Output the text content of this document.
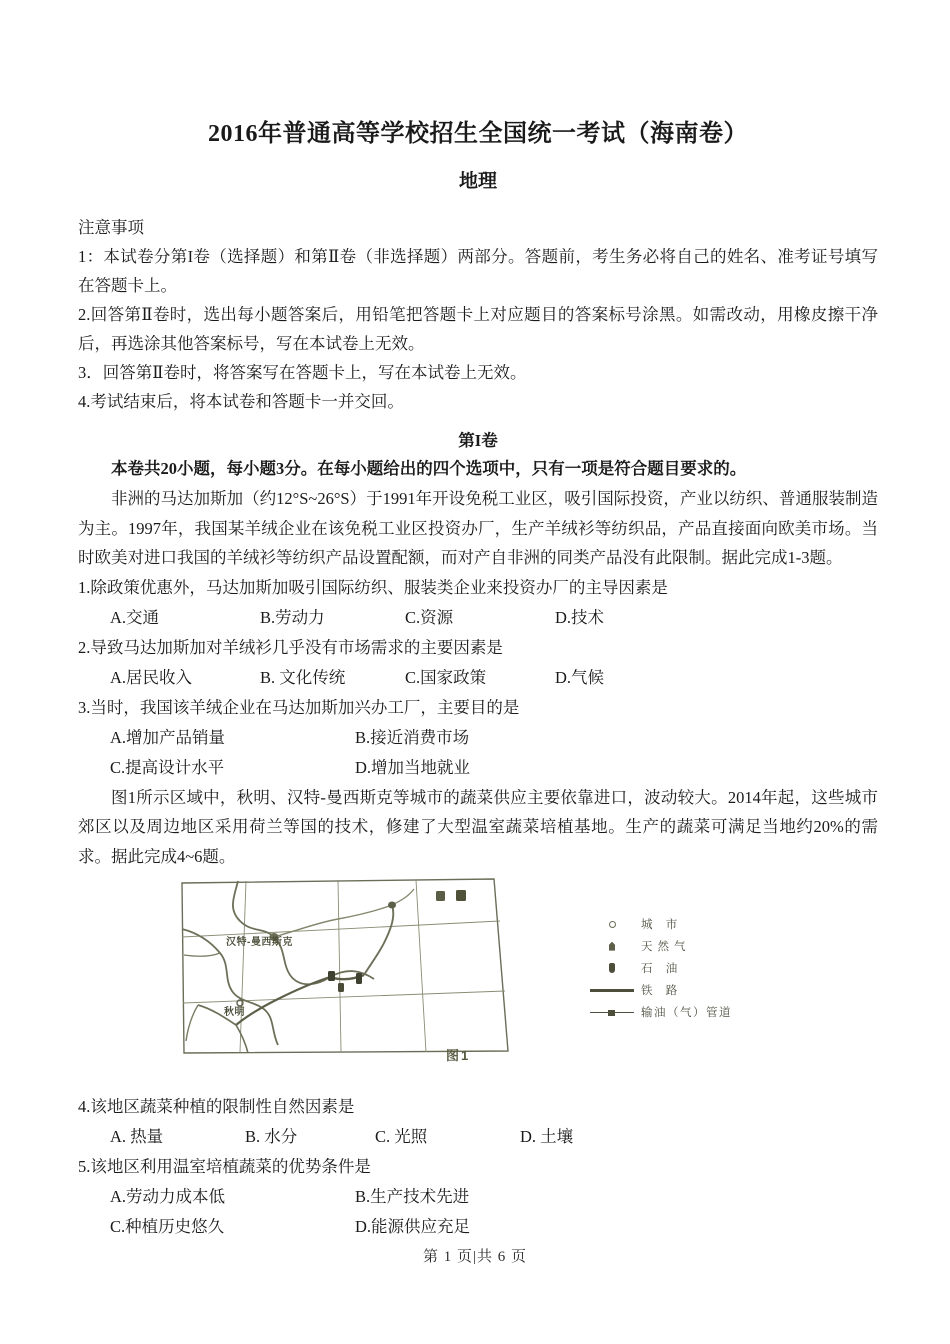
2016年普通高等学校招生全国统一考试（海南卷）
地理

注意事项

1：本试卷分第I卷（选择题）和第Ⅱ卷（非选择题）两部分。答题前，考生务必将自己的姓名、准考证号填写在答题卡上。

2.回答第Ⅱ卷时，选出每小题答案后，用铅笔把答题卡上对应题目的答案标号涂黑。如需改动，用橡皮擦干净后，再选涂其他答案标号，写在本试卷上无效。

3．回答第Ⅱ卷时，将答案写在答题卡上，写在本试卷上无效。

4.考试结束后，将本试卷和答题卡一并交回。

第I卷

本卷共20小题，每小题3分。在每小题给出的四个选项中，只有一项是符合题目要求的。

非洲的马达加斯加（约12°S~26°S）于1991年开设免税工业区，吸引国际投资，产业以纺织、普通服装制造为主。1997年，我国某羊绒企业在该免税工业区投资办厂，生产羊绒衫等纺织品，产品直接面向欧美市场。当时欧美对进口我国的羊绒衫等纺织产品设置配额，而对产自非洲的同类产品没有此限制。据此完成1-3题。

1.除政策优惠外，马达加斯加吸引国际纺织、服装类企业来投资办厂的主导因素是

A.交通	B.劳动力	C.资源	D.技术

2.导致马达加斯加对羊绒衫几乎没有市场需求的主要因素是

A.居民收入	B. 文化传统	C.国家政策	D.气候

3.当时，我国该羊绒企业在马达加斯加兴办工厂，主要目的是

A.增加产品销量	B.接近消费市场
C.提高设计水平	D.增加当地就业

图1所示区域中，秋明、汉特-曼西斯克等城市的蔬菜供应主要依靠进口，波动较大。2014年起，这些城市郊区以及周边地区采用荷兰等国的技术，修建了大型温室蔬菜培植基地。生产的蔬菜可满足当地约20%的需求。据此完成4~6题。

汉特-曼西斯克
秋明
城 市
天然气
石 油
铁 路
输油（气）管道
图1

4.该地区蔬菜种植的限制性自然因素是

A. 热量	B. 水分	C. 光照	D. 土壤

5.该地区利用温室培植蔬菜的优势条件是

A.劳动力成本低	B.生产技术先进
C.种植历史悠久	D.能源供应充足
第 1 页|共 6 页
